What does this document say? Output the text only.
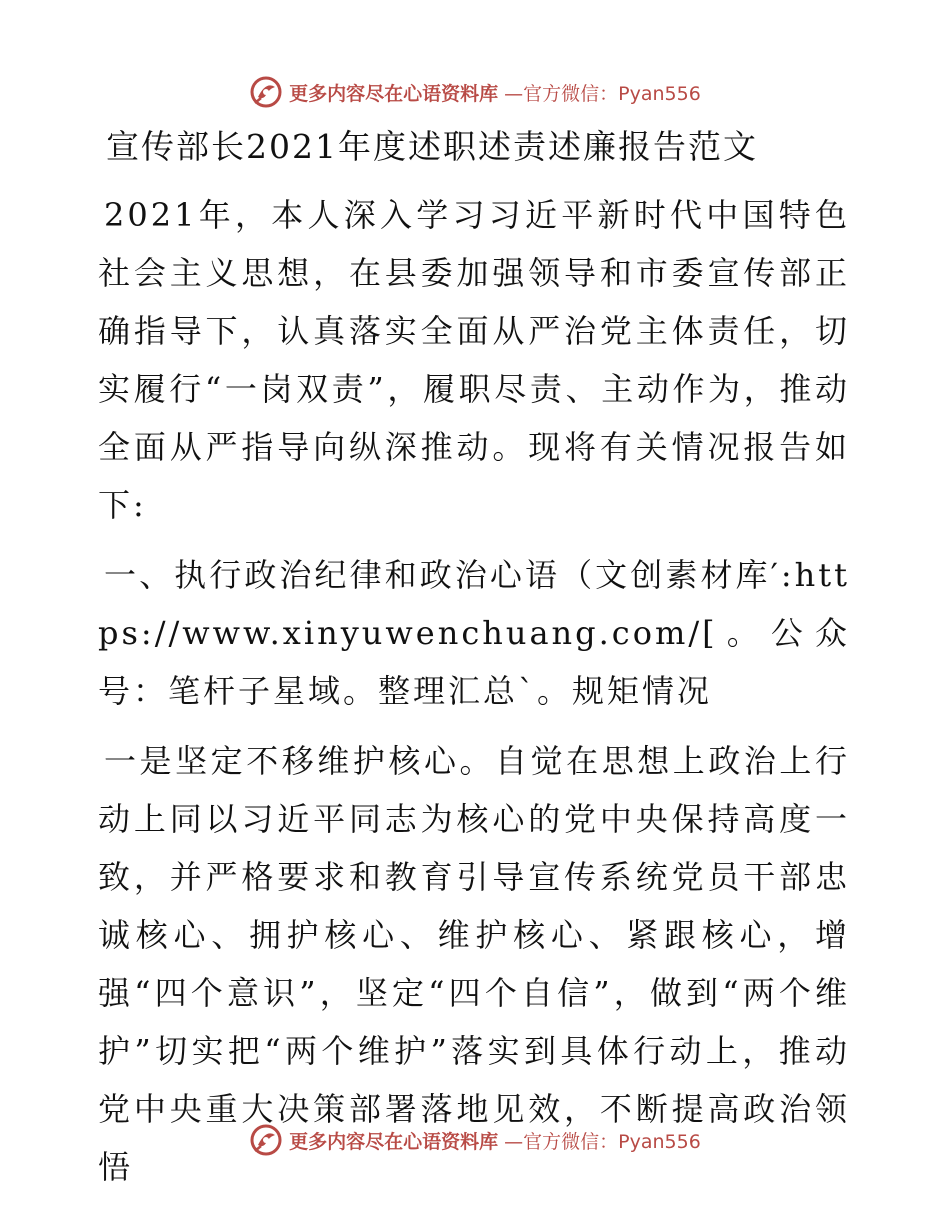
更多内容尽在心语资料库 —官方微信：Pyan556
宣传部长2021年度述职述责述廉报告范文

2021年，本人深入学习习近平新时代中国特色社会主义思想，在县委加强领导和市委宣传部正确指导下，认真落实全面从严治党主体责任，切实履行“一岗双责”，履职尽责、主动作为，推动全面从严指导向纵深推动。现将有关情况报告如下:

一、执行政治纪律和政治心语（文创素材库′:https://www.xinyuwenchuang.com/[。公众号：笔杆子星域。整理汇总`。规矩情况

一是坚定不移维护核心。自觉在思想上政治上行动上同以习近平同志为核心的党中央保持高度一致，并严格要求和教育引导宣传系统党员干部忠诚核心、拥护核心、维护核心、紧跟核心，增强“四个意识”，坚定“四个自信”，做到“两个维护”切实把“两个维护”落实到具体行动上，推动党中央重大决策部署落地见效，不断提高政治领悟

更多内容尽在心语资料库 —官方微信：Pyan556
